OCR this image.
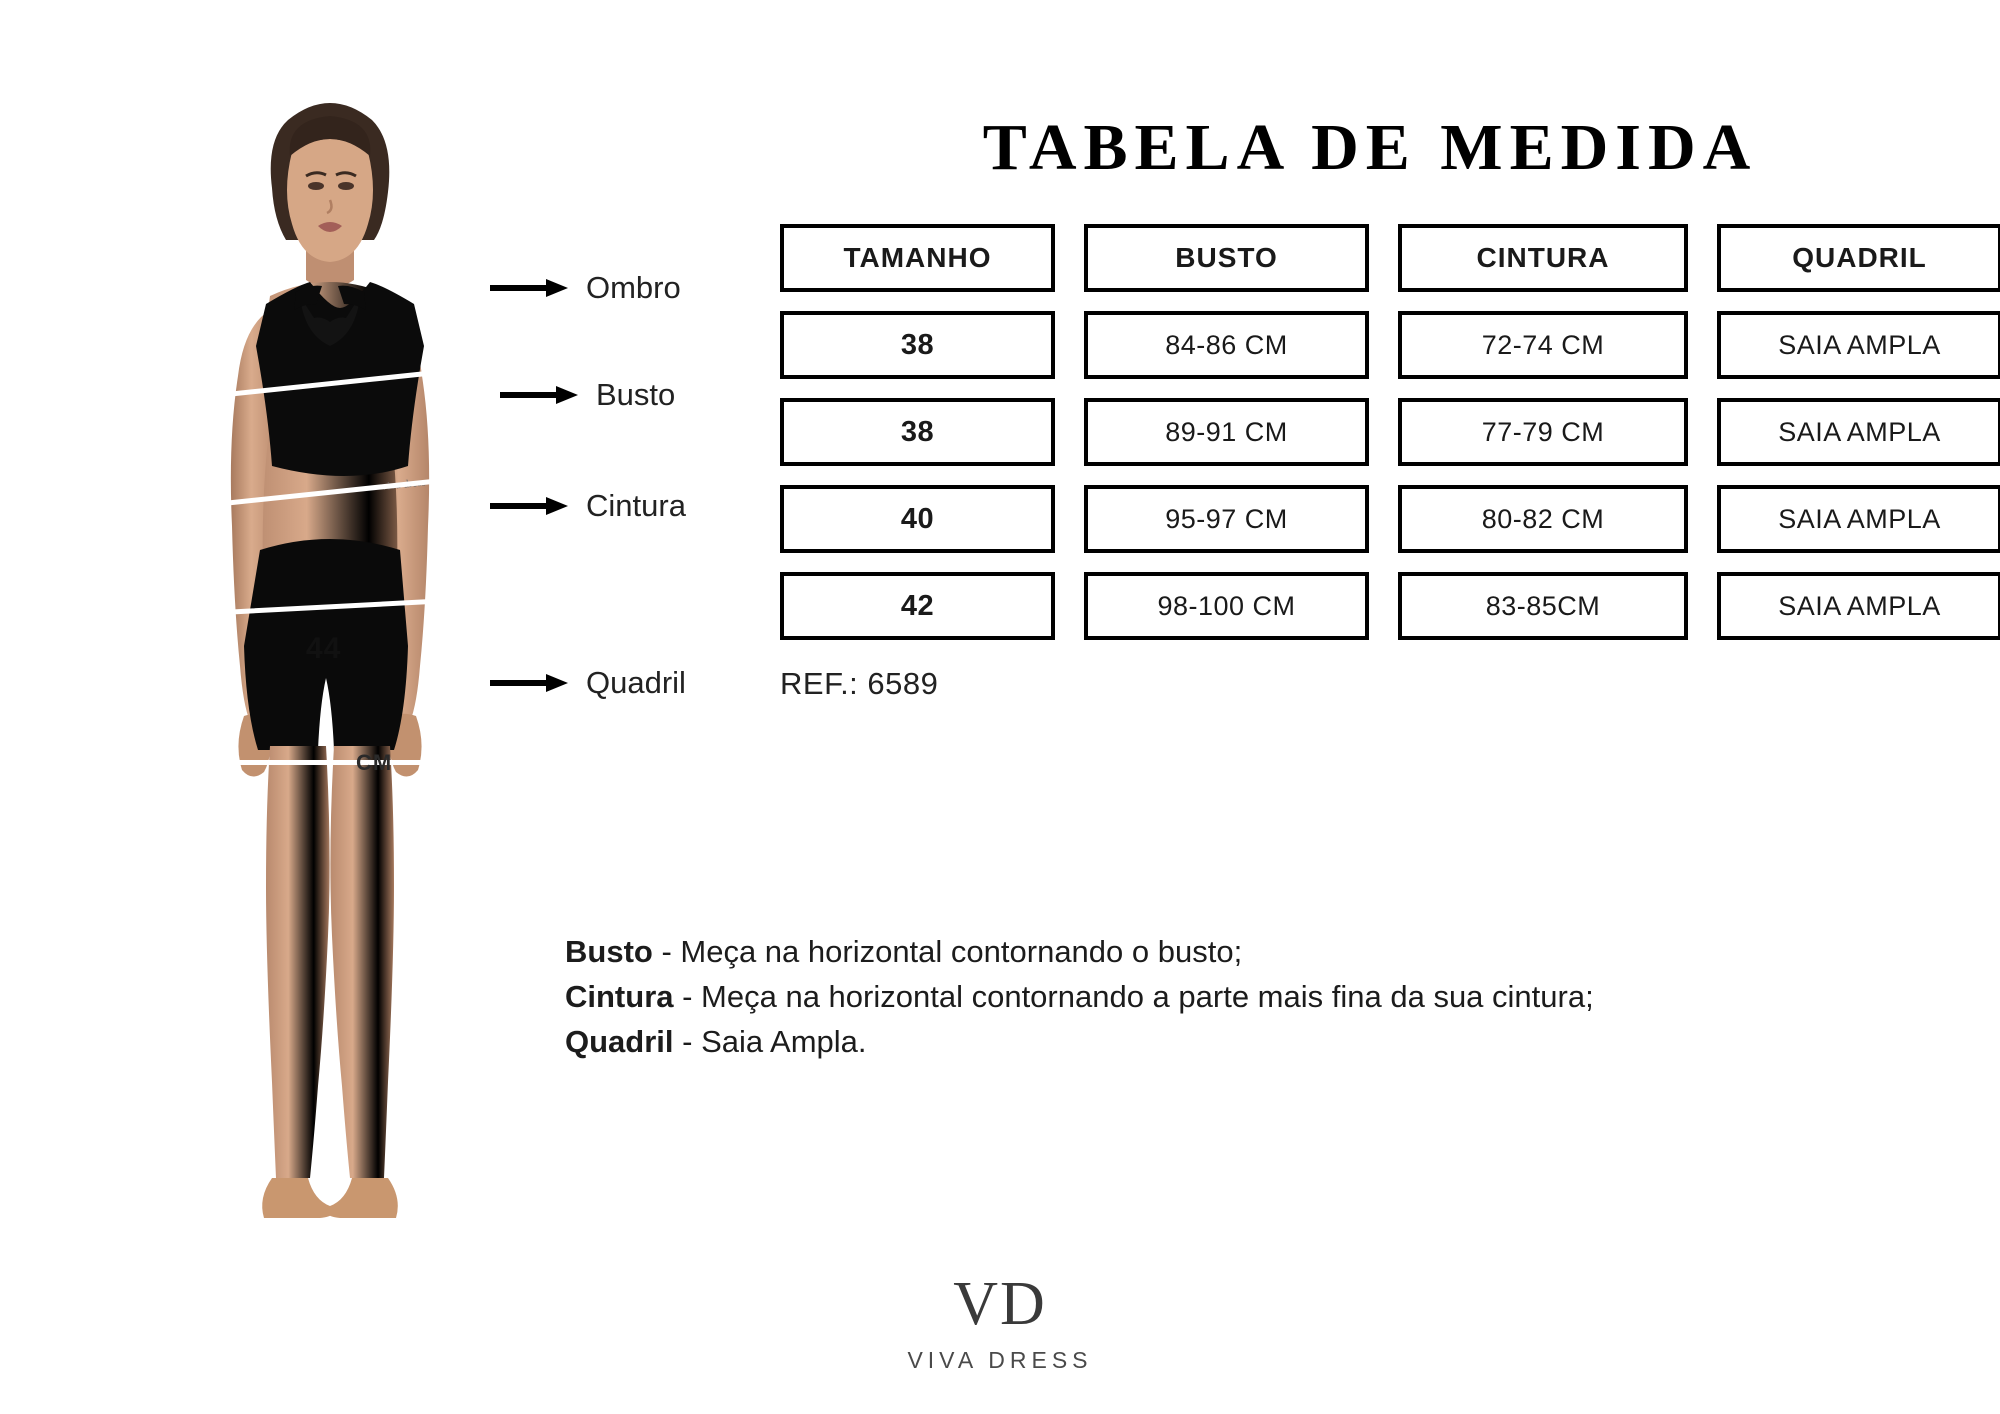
44
CM
Ombro
Busto
Cintura
Quadril
TABELA DE MEDIDA
TAMANHO	BUSTO	CINTURA	QUADRIL
38	84-86 CM	72-74 CM	SAIA AMPLA
38	89-91 CM	77-79 CM	SAIA AMPLA
40	95-97 CM	80-82 CM	SAIA AMPLA
42	98-100 CM	83-85CM	SAIA AMPLA
REF.: 6589
Busto - Meça na horizontal contornando o busto;
Cintura - Meça na horizontal contornando a parte mais fina da sua cintura;
Quadril - Saia Ampla.
VD
VIVA DRESS
